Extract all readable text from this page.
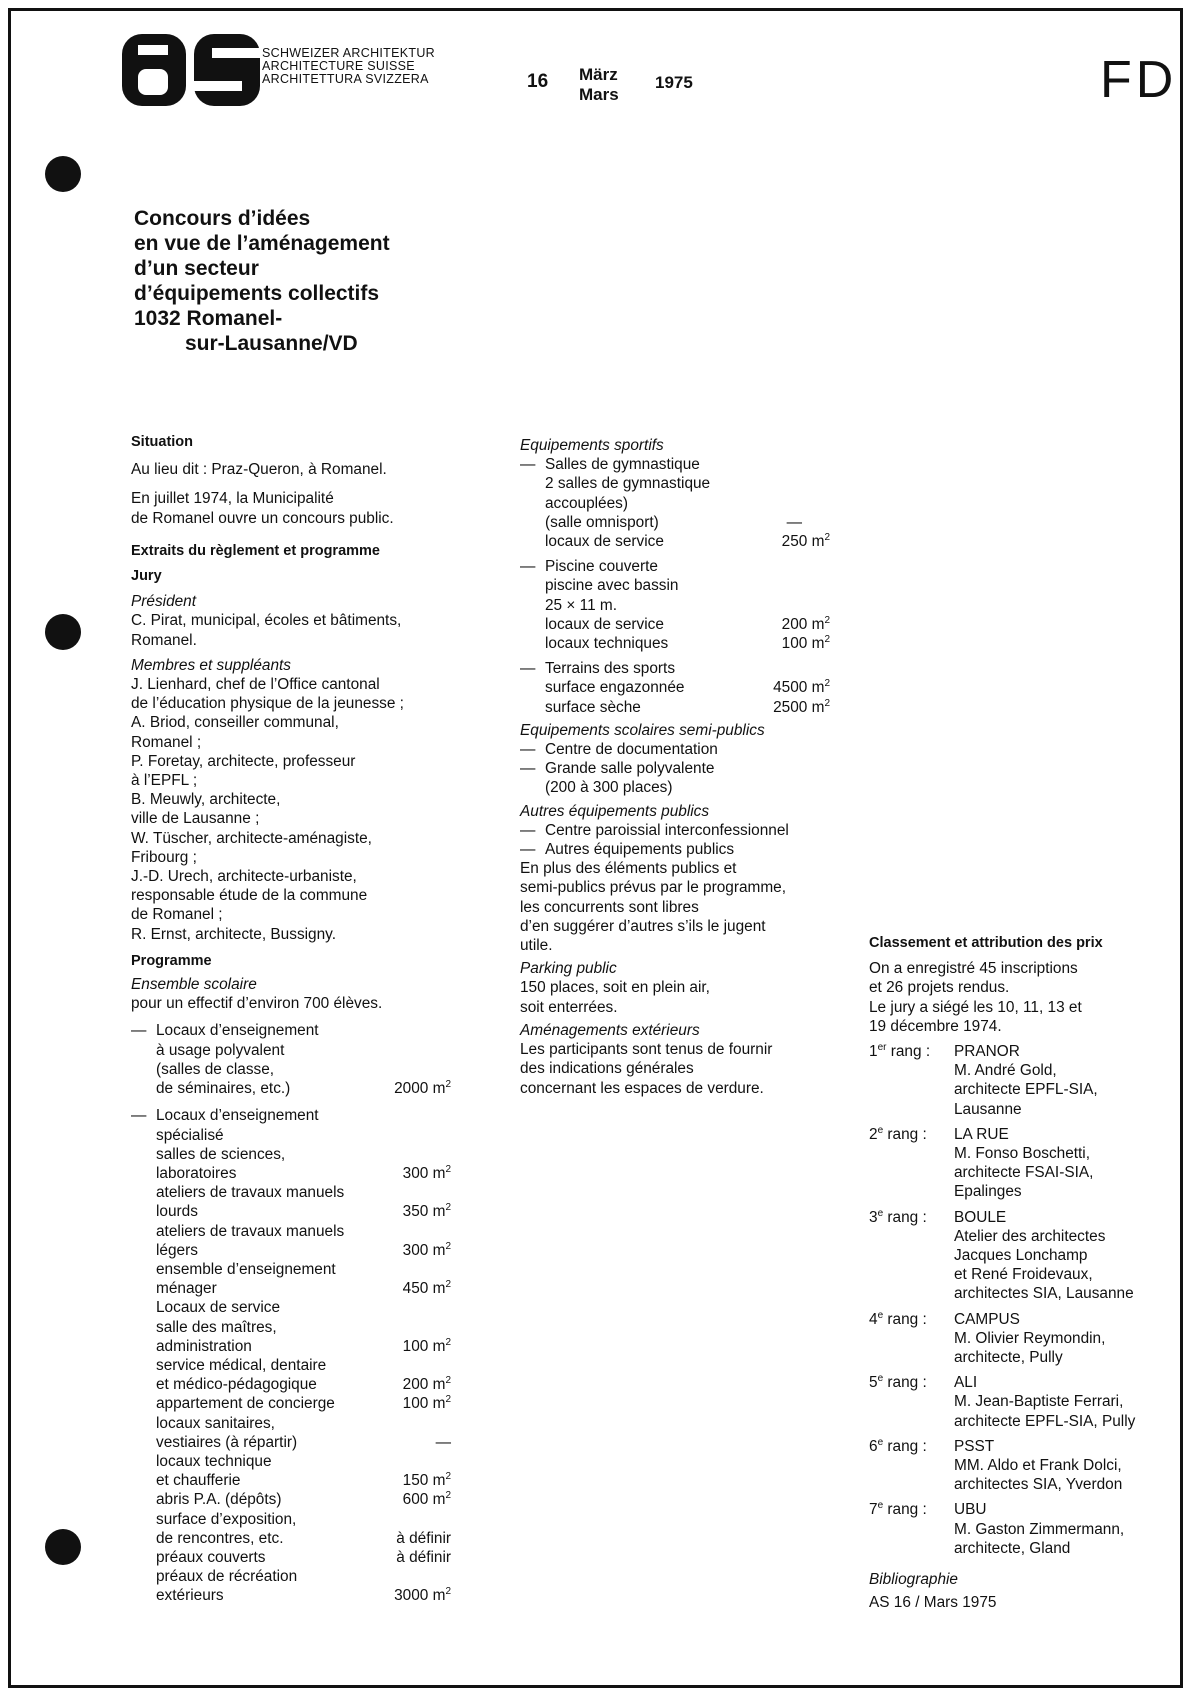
SCHWEIZER ARCHITEKTUR
ARCHITECTURE SUISSE
ARCHITETTURA SVIZZERA	16 März
Mars
1975	FD
Concours d’idées
en vue de l’aménagement
d’un secteur
d’équipements collectifs
1032 Romanel-
sur-Lausanne/VD

Situation

Au lieu dit : Praz-Queron, à Romanel.

En juillet 1974, la Municipalité

de Romanel ouvre un concours public.

Extraits du règlement et programme

Jury

Président

C. Pirat, municipal, écoles et bâtiments,

Romanel.

Membres et suppléants

J. Lienhard, chef de l’Office cantonal
de l’éducation physique de la jeunesse ;
A. Briod, conseiller communal,
Romanel ;
P. Foretay, architecte, professeur
à l’EPFL ;
B. Meuwly, architecte,
ville de Lausanne ;
W. Tüscher, architecte-aménagiste,
Fribourg ;
J.-D. Urech, architecte-urbaniste,
responsable étude de la commune
de Romanel ;
R. Ernst, architecte, Bussigny.

Programme

Ensemble scolaire

pour un effectif d’environ 700 élèves.

— Locaux d’enseignement
à usage polyvalent
(salles de classe,
de séminaires, etc.)	2000 $m^2$
— Locaux d’enseignement
spécialisé
salles de sciences,
laboratoires	300 $m^2$
ateliers de travaux manuels
lourds	350 $m^2$
ateliers de travaux manuels
légers	300 $m^2$
ensemble d’enseignement
ménager	450 $m^2$
Locaux de service
salle des maîtres,
administration	100 $m^2$
service médical, dentaire
et médico-pédagogique	200 $m^2$
appartement de concierge	100 $m^2$
locaux sanitaires,
vestiaires (à répartir)	—
locaux technique
et chaufferie	150 $m^2$
abris P.A. (dépôts)	600 $m^2$
surface d’exposition,
de rencontres, etc.	à définir
préaux couverts	à définir
préaux de récréation
extérieurs	3000 $m^2$

Equipements sportifs

— Salles de gymnastique
2 salles de gymnastique
accouplées)
(salle omnisport)	—
locaux de service	250 $m^2$
— Piscine couverte
piscine avec bassin
25 × 11 m.
locaux de service	200 $m^2$
locaux techniques	100 $m^2$
— Terrains des sports
surface engazonnée	4500 $m^2$
surface sèche	2500 $m^2$

Equipements scolaires semi-publics

— Centre de documentation
— Grande salle polyvalente
(200 à 300 places)

Autres équipements publics

— Centre paroissial interconfessionnel
— Autres équipements publics
En plus des éléments publics et
semi-publics prévus par le programme,
les concurrents sont libres
d’en suggérer d’autres s’ils le jugent
utile.

Parking public

150 places, soit en plein air,

soit enterrées.

Aménagements extérieurs

Les participants sont tenus de fournir

des indications générales

concernant les espaces de verdure.

Classement et attribution des prix

On a enregistré 45 inscriptions
et 26 projets rendus.
Le jury a siégé les 10, 11, 13 et
19 décembre 1974.
1er rang :	PRANOR
M. André Gold,
architecte EPFL-SIA,
Lausanne
2e rang :	LA RUE
M. Fonso Boschetti,
architecte FSAI-SIA,
Epalinges
3e rang :	BOULE
Atelier des architectes
Jacques Lonchamp
et René Froidevaux,
architectes SIA, Lausanne
4e rang :	CAMPUS
M. Olivier Reymondin,
architecte, Pully
5e rang :	ALI
M. Jean-Baptiste Ferrari,
architecte EPFL-SIA, Pully
6e rang :	PSST
MM. Aldo et Frank Dolci,
architectes SIA, Yverdon
7e rang :	UBU
M. Gaston Zimmermann,
architecte, Gland

Bibliographie

AS 16 / Mars 1975
